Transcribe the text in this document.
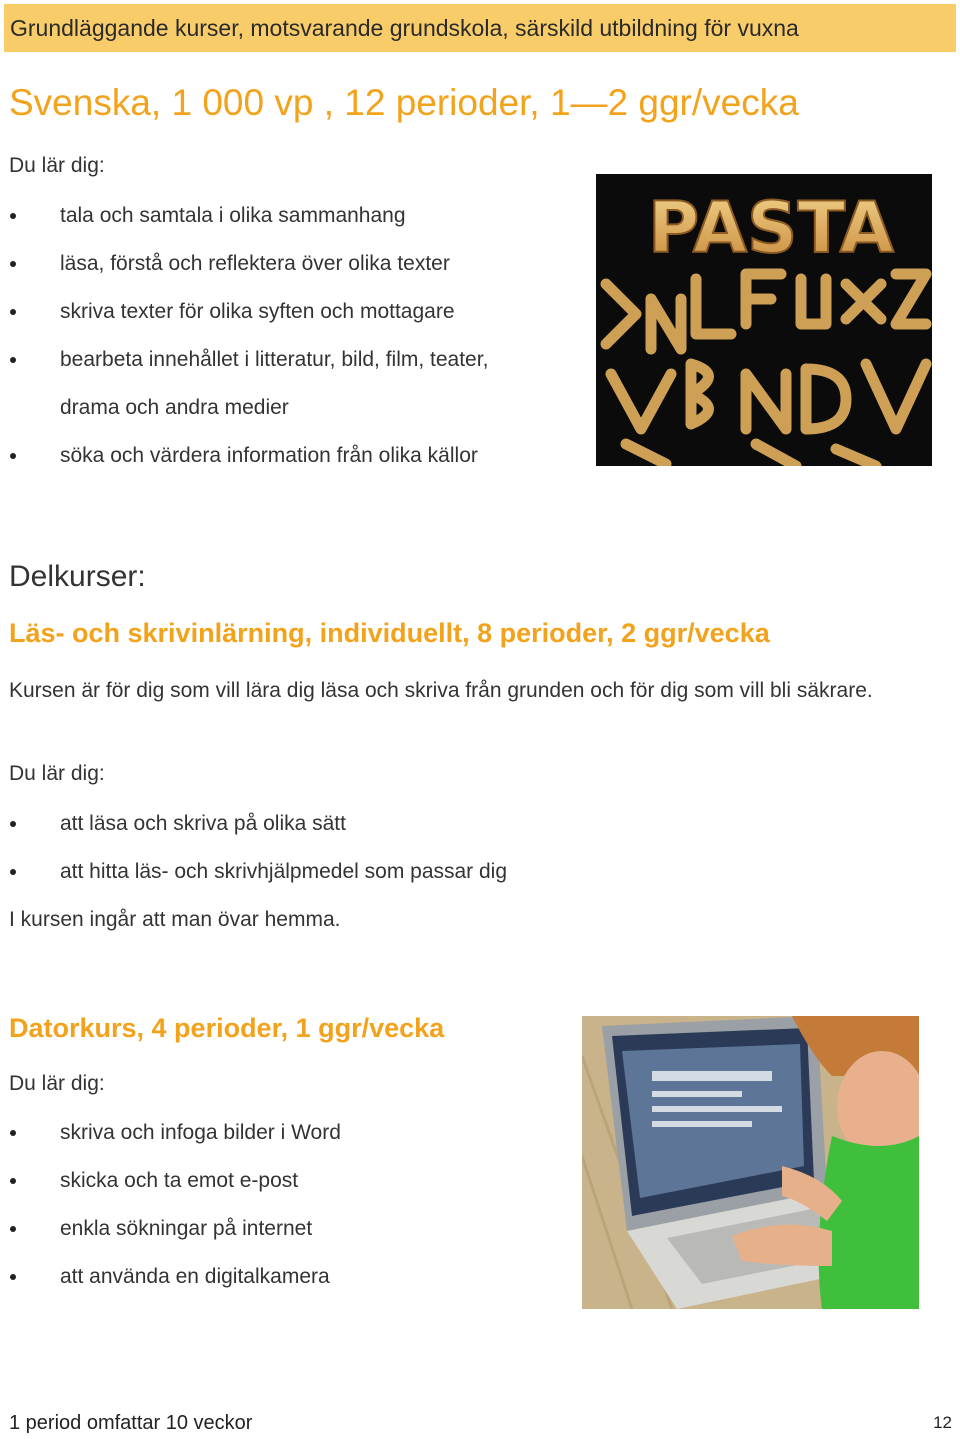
Grundläggande kurser, motsvarande grundskola, särskild utbildning för vuxna
Svenska, 1 000 vp , 12 perioder, 1—2 ggr/vecka
Du lär dig:
tala och samtala i olika sammanhang
läsa, förstå och reflektera över olika texter
skriva texter för olika syften och mottagare
bearbeta innehållet i litteratur, bild, film, teater,
drama och andra medier
söka och värdera information från olika källor
PASTA
Delkurser:
Läs- och skrivinlärning, individuellt, 8 perioder, 2 ggr/vecka
Kursen är för dig som vill lära dig läsa och skriva från grunden och för dig som vill bli säkrare.
Du lär dig:
att läsa och skriva på olika sätt
att hitta läs- och skrivhjälpmedel som passar dig
I kursen ingår att man övar hemma.
Datorkurs, 4 perioder, 1 ggr/vecka
Du lär dig:
skriva och infoga bilder i Word
skicka och ta emot e-post
enkla sökningar på internet
att använda en digitalkamera
1 period omfattar 10 veckor	12
